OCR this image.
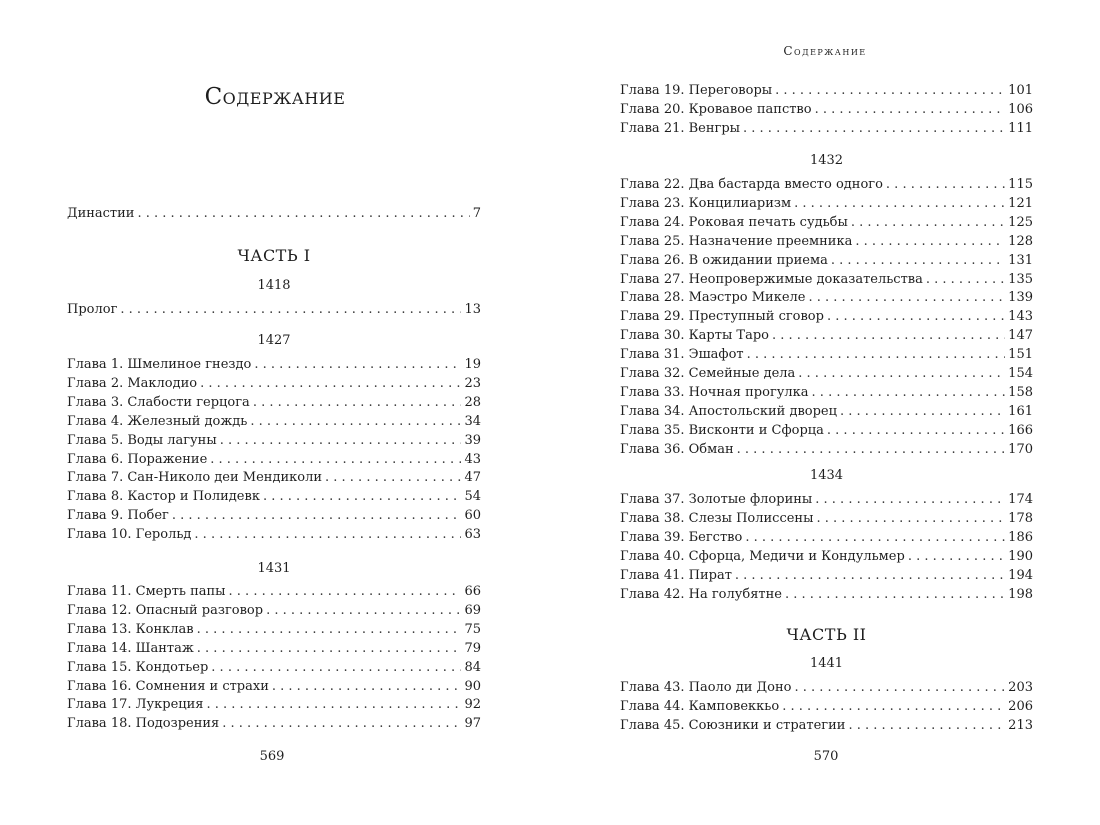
Содержание
Династии . . .	7
ЧАСТЬ I
1418
Пролог . . .	13
1427
Глава 1. Шмелиное гнездо . . .	19
Глава 2. Маклодио . . .	23
Глава 3. Слабости герцога . . .	28
Глава 4. Железный дождь . . .	34
Глава 5. Воды лагуны . . .	39
Глава 6. Поражение . . .	43
Глава 7. Сан-Николо деи Мендиколи . . .	47
Глава 8. Кастор и Полидевк . . .	54
Глава 9. Побег . . .	60
Глава 10. Герольд . . .	63
1431
Глава 11. Смерть папы . . .	66
Глава 12. Опасный разговор . . .	69
Глава 13. Конклав . . .	75
Глава 14. Шантаж . . .	79
Глава 15. Кондотьер . . .	84
Глава 16. Сомнения и страхи . . .	90
Глава 17. Лукреция . . .	92
Глава 18. Подозрения . . .	97
569
Содержание
Глава 19. Переговоры . . .	101
Глава 20. Кровавое папство . . .	106
Глава 21. Венгры . . .	111
1432
Глава 22. Два бастарда вместо одного . . .	115
Глава 23. Концилиаризм . . .	121
Глава 24. Роковая печать судьбы . . .	125
Глава 25. Назначение преемника . . .	128
Глава 26. В ожидании приема . . .	131
Глава 27. Неопровержимые доказательства . . .	135
Глава 28. Маэстро Микеле . . .	139
Глава 29. Преступный сговор . . .	143
Глава 30. Карты Таро . . .	147
Глава 31. Эшафот . . .	151
Глава 32. Семейные дела . . .	154
Глава 33. Ночная прогулка . . .	158
Глава 34. Апостольский дворец . . .	161
Глава 35. Висконти и Сфорца . . .	166
Глава 36. Обман . . .	170
1434
Глава 37. Золотые флорины . . .	174
Глава 38. Слезы Полиссены . . .	178
Глава 39. Бегство . . .	186
Глава 40. Сфорца, Медичи и Кондульмер . . .	190
Глава 41. Пират . . .	194
Глава 42. На голубятне . . .	198
ЧАСТЬ II
1441
Глава 43. Паоло ди Доно . . .	203
Глава 44. Камповеккьо . . .	206
Глава 45. Союзники и стратегии . . .	213
570
